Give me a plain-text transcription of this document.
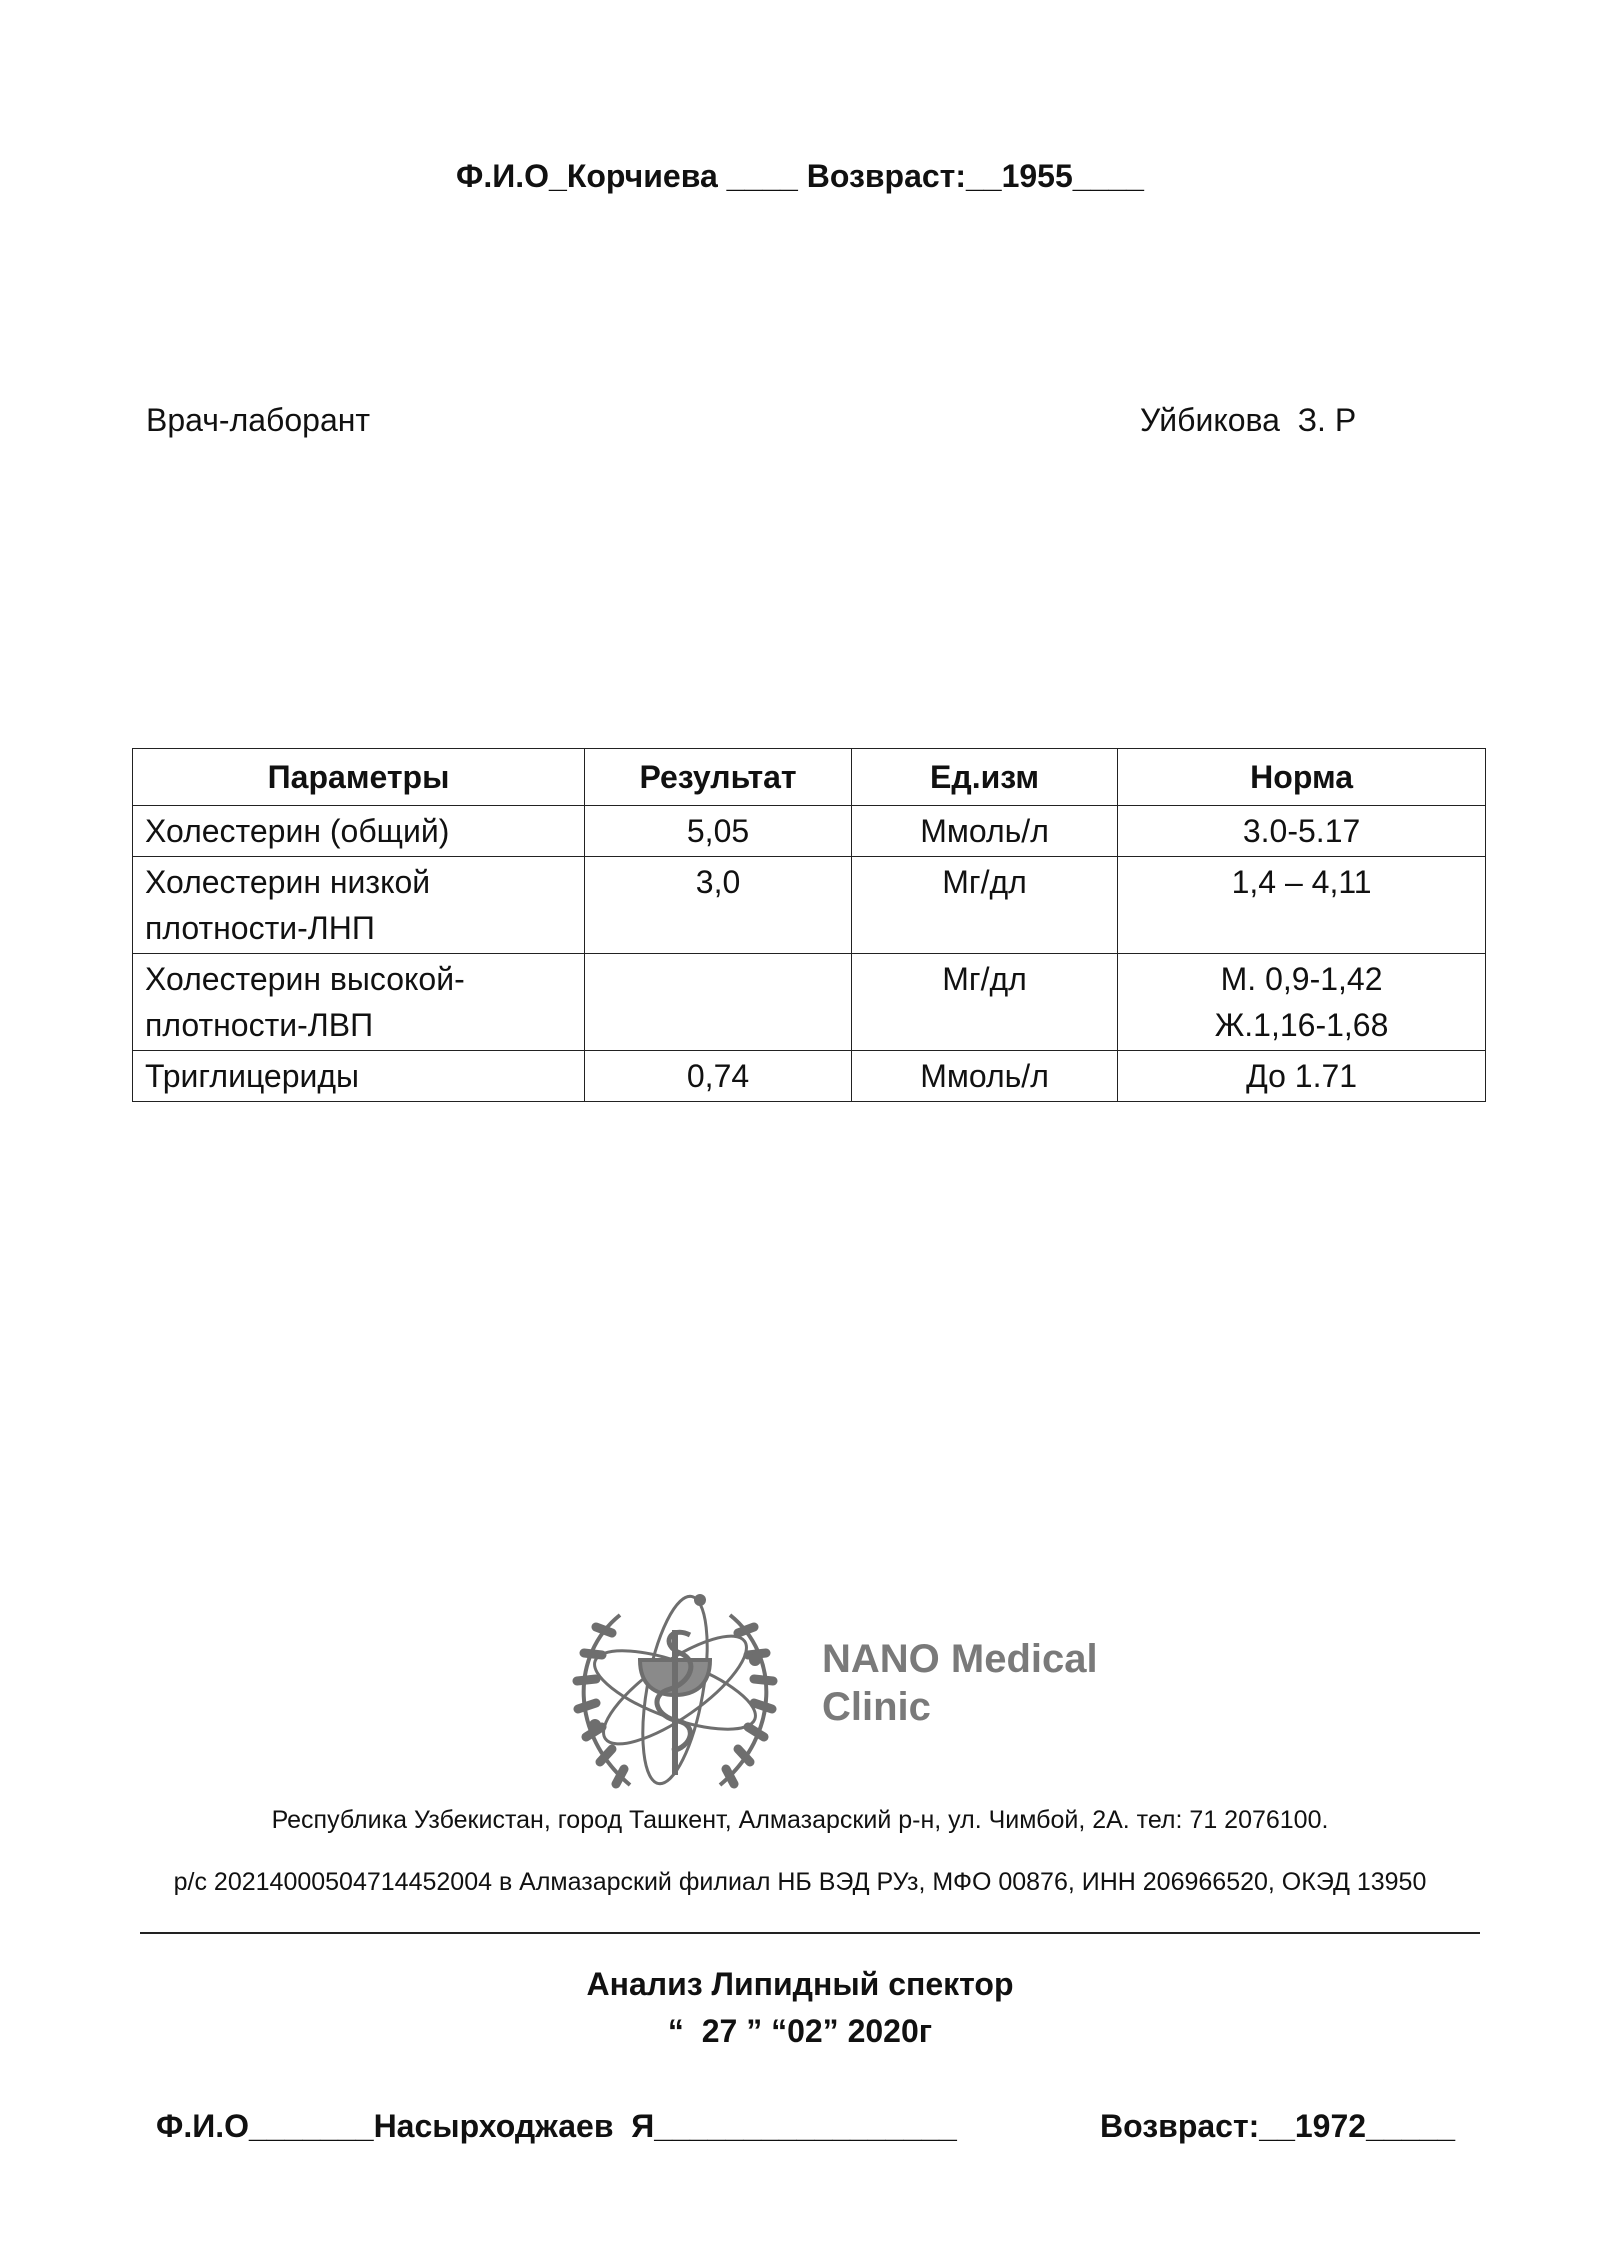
Ф.И.О_Корчиева ____ Возвраст:__1955____
Врач-лаборант	Уйбикова  З. Р
Параметры	Результат	Ед.изм	Норма
Холестерин (общий)	5,05	Ммоль/л	3.0-5.17

Холестерин низкой плотности-ЛНП	3,0	Мг/дл	1,4 – 4,11

Холестерин высокой-плотности-ЛВП		Мг/дл	М. 0,9-1,42
Ж.1,16-1,68

Триглицериды	0,74	Ммоль/л	До 1.71
NANO Medical
Clinic
Республика Узбекистан, город Ташкент, Алмазарский р-н, ул. Чимбой, 2А. тел: 71 2076100.
р/с 20214000504714452004 в Алмазарский филиал НБ ВЭД РУз, МФО 00876, ИНН 206966520, ОКЭД 13950
Анализ Липидный спектор
“  27 ” “02” 2020г
Ф.И.О_______Насырходжаев  Я_________________	Возвраст:__1972_____
